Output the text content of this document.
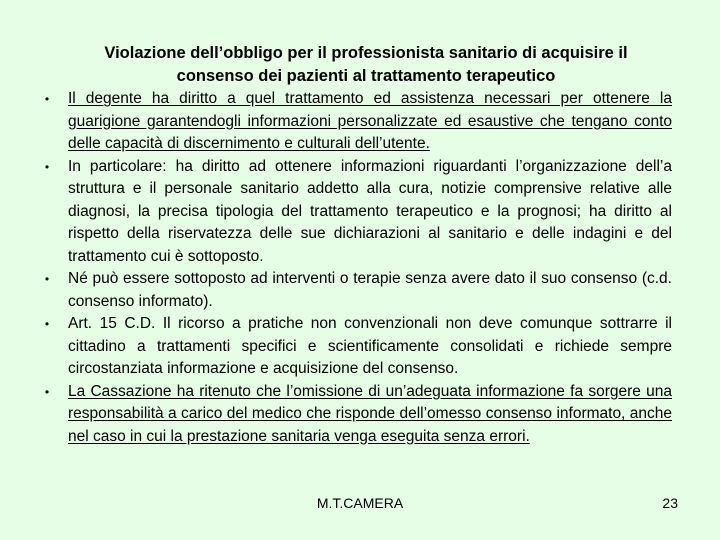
Violazione dell’obbligo per il professionista sanitario di acquisire il consenso dei pazienti al trattamento terapeutico
•	Il degente ha diritto a quel trattamento ed assistenza necessari per ottenere la guarigione garantendogli informazioni personalizzate ed esaustive che tengano conto delle capacità di discernimento e culturali dell’utente.
•	In particolare: ha diritto ad ottenere informazioni riguardanti l’organizzazione dell’a struttura e il personale sanitario addetto alla cura, notizie comprensive relative alle diagnosi, la precisa tipologia del trattamento terapeutico e la prognosi; ha diritto al rispetto della riservatezza delle sue dichiarazioni al sanitario e delle indagini e del trattamento cui è sottoposto.
•	Né può essere sottoposto ad interventi o terapie senza avere dato il suo consenso (c.d. consenso informato).
•	Art. 15 C.D. Il ricorso a pratiche non convenzionali non deve comunque sottrarre il cittadino a trattamenti specifici e scientificamente consolidati e richiede sempre circostanziata informazione e acquisizione del consenso.
•	La Cassazione ha ritenuto che l’omissione di un’adeguata informazione fa sorgere una responsabilità a carico del medico che risponde dell’omesso consenso informato, anche nel caso in cui la prestazione sanitaria venga eseguita senza errori.
M.T.CAMERA	23
